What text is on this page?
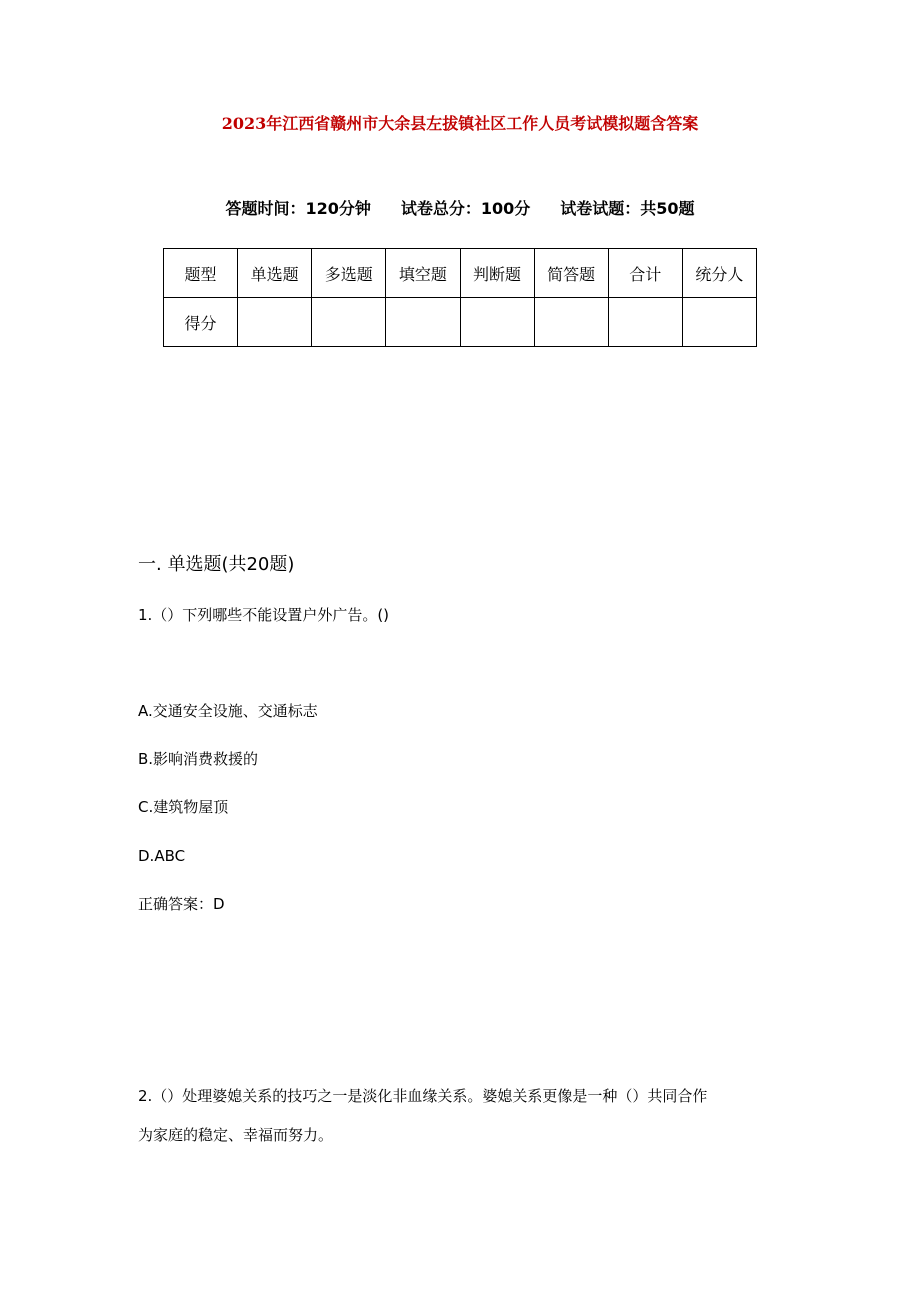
2023年江西省赣州市大余县左拔镇社区工作人员考试模拟题含答案
答题时间：120分钟 试卷总分：100分 试卷试题：共50题
题型	单选题	多选题	填空题	判断题	简答题	合计	统分人
得分							
一. 单选题(共20题)
1.（）下列哪些不能设置户外广告。()
A.交通安全设施、交通标志
B.影响消费救援的
C.建筑物屋顶
D.ABC
正确答案：D
2.（）处理婆媳关系的技巧之一是淡化非血缘关系。婆媳关系更像是一种（）共同合作
为家庭的稳定、幸福而努力。
